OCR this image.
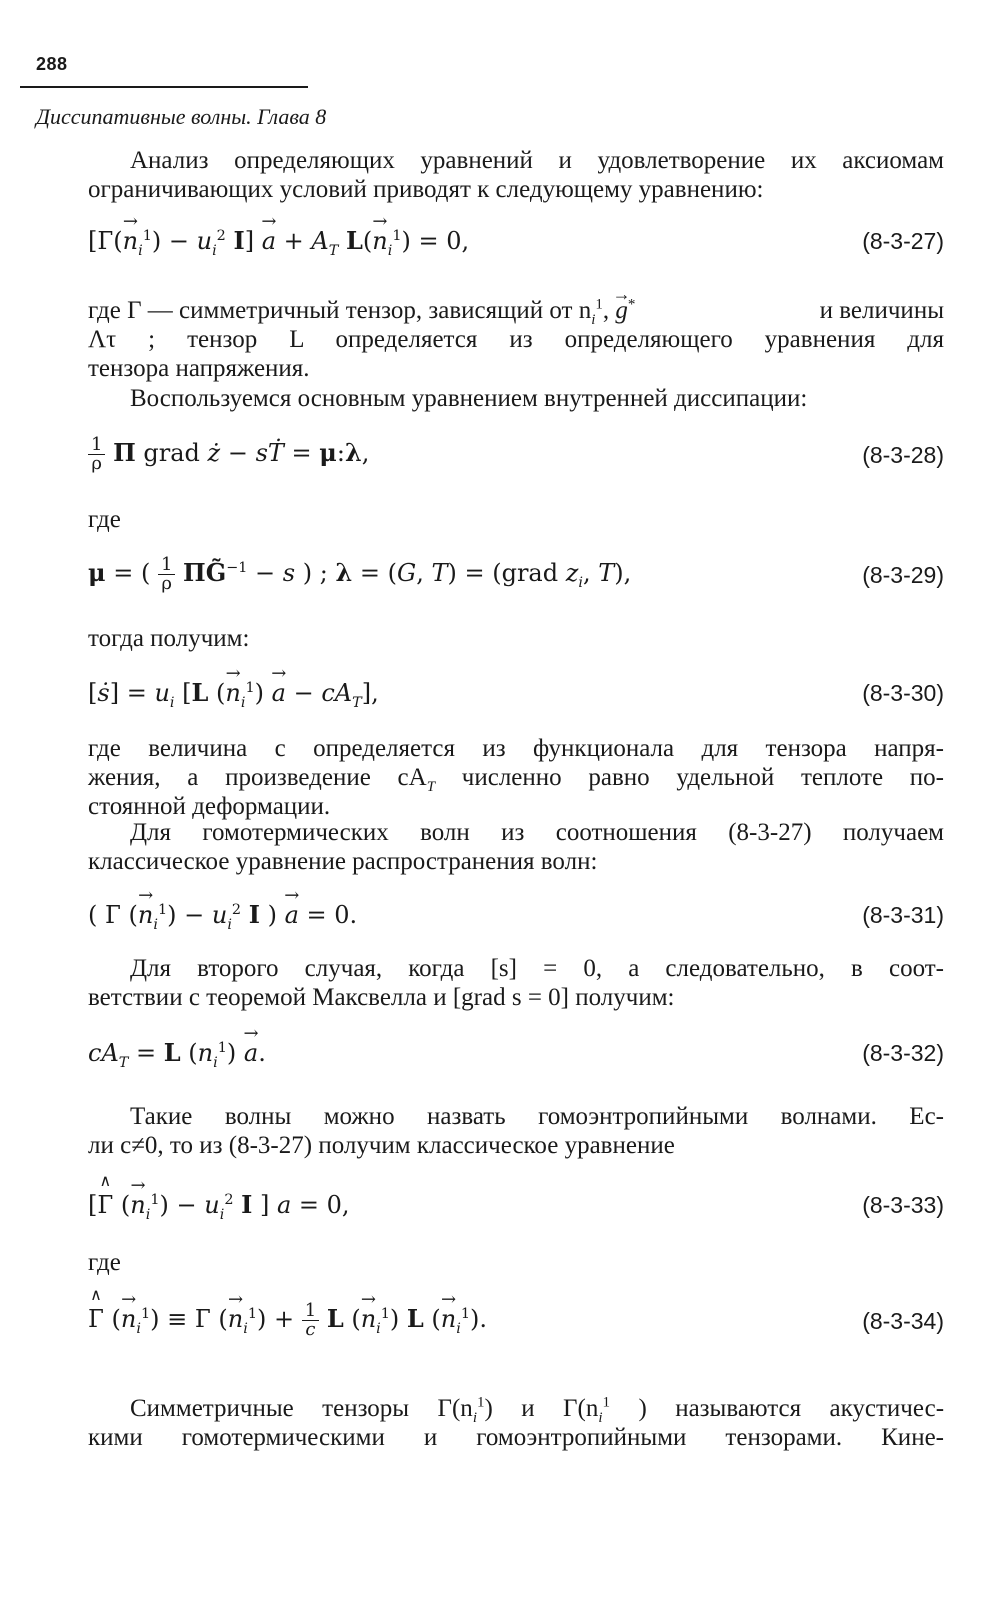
288
Диссипативные волны. Глава 8
Анализ определяющих уравнений и удовлетворение их аксиомам
ограничивающих условий приводят к следующему уравнению:
[$Г(\to n_i^1) - u_i^2$ $I] \to a + A_T$ $L(\to n_i^1) = 0$,	(8-3-27)
где Г — симметричный тензор, зависящий от $n_i^1$, → g*	и величины
Λτ ; тензор L определяется из определяющего уравнения для
тензора напряжения.
Воспользуемся основным уравнением внутренней диссипации:
$\frac{1}{\rho}$ П grad ż − sṪ = μ:λ,	(8-3-28)
где
μ = ( $\frac{1}{\rho}$ ПG̃$^{-1}$ − s ) ; λ = (G, T) = (grad $z_i$, T),	(8-3-29)
тогда получим:
[ṡ] = $u_i$ [L (→ $n_i^1) \to a - cA_T$],	(8-3-30)
где величина c определяется из функционала для тензора напря-
жения, а произведение $cA_T$ численно равно удельной теплоте по-
стоянной деформации.
Для гомотермических волн из соотношения (8-3-27) получаем
классическое уравнение распространения волн:
( Г (→ $n_i^1) - u_i^2$ I ) → a = 0.	(8-3-31)
Для второго случая, когда [s] = 0, а следовательно, в соот-
ветствии с теоремой Максвелла и [grad s = 0] получим:
$cA_T = L$ $(n_i^1) \to a$.	(8-3-32)
Такие волны можно назвать гомоэнтропийными волнами. Ес-
ли c≠0, то из (8-3-27) получим классическое уравнение
[∧ Г (→ $n_i^1) - u_i^2$ I ] a = 0,	(8-3-33)
где
∧ Г (→ $n_i^1) \equiv Г$ (→ $n_i^1) + \frac{1}{c}$ L (→ $n_i^1$) L (→ $n_i^1$).	(8-3-34)
Симметричные тензоры $Г(n_i^1)$ и $Г(n_i^1$ ) называются акустичес-
кими гомотермическими и гомоэнтропийными тензорами. Кине-
